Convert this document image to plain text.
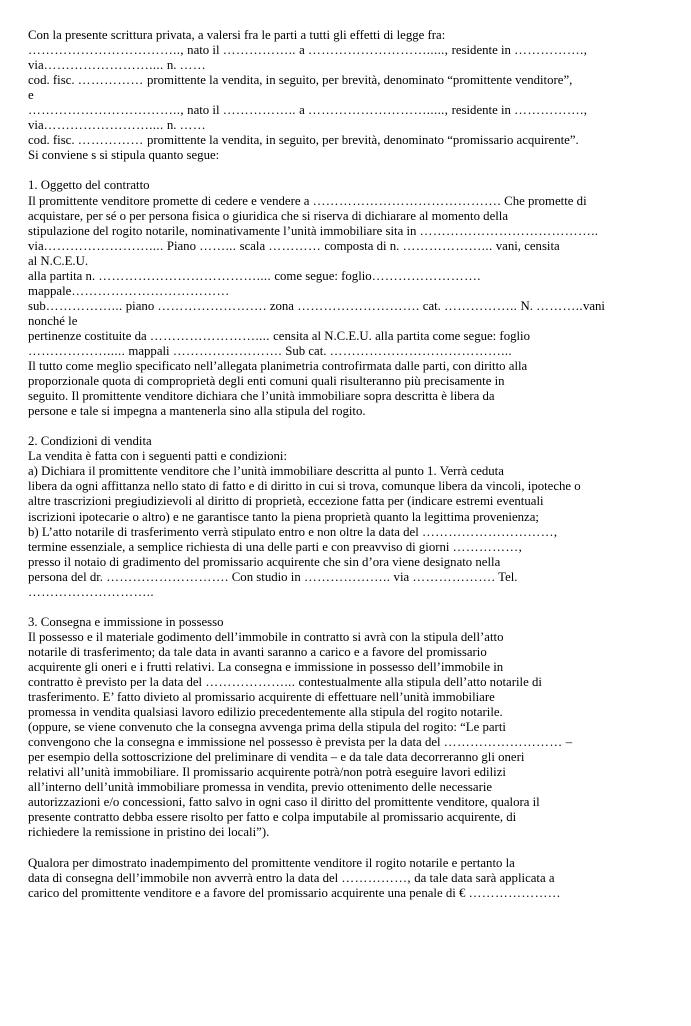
Con la presente scrittura privata, a valersi fra le parti a tutti gli effetti di legge fra:
…………………………….., nato il …………….. a ………………………....., residente in …………….,
via…………………….... n. ……
cod. fisc. …………… promittente la vendita, in seguito, per brevità, denominato “promittente venditore”,
e
…………………………….., nato il …………….. a ………………………....., residente in …………….,
via…………………….... n. ……
cod. fisc. …………… promittente la vendita, in seguito, per brevità, denominato “promissario acquirente”.
Si conviene s si stipula quanto segue:

1. Oggetto del contratto
Il promittente venditore promette di cedere e vendere a ……………………………………. Che promette di
acquistare, per sé o per persona fisica o giuridica che si riserva di dichiarare al momento della
stipulazione del rogito notarile, nominativamente l’unità immobiliare sita in …………………………………..
via…………………….... Piano ……... scala ………… composta di n. ………………... vani, censita
al N.C.E.U.
alla partita n. ……………………………….... come segue: foglio…………………….
mappale………………………………
sub……………... piano ……………………. zona ………………………. cat. …………….. N. ………..vani
nonché le
pertinenze costituite da …………………….... censita al N.C.E.U. alla partita come segue: foglio
………………..... mappali ……………………. Sub cat. …………………………………...
Il tutto come meglio specificato nell’allegata planimetria controfirmata dalle parti, con diritto alla
proporzionale quota di comproprietà degli enti comuni quali risulteranno più precisamente in
seguito. Il promittente venditore dichiara che l’unità immobiliare sopra descritta è libera da
persone e tale si impegna a mantenerla sino alla stipula del rogito.

2. Condizioni di vendita
La vendita è fatta con i seguenti patti e condizioni:
a) Dichiara il promittente venditore che l’unità immobiliare descritta al punto 1. Verrà ceduta
libera da ogni affittanza nello stato di fatto e di diritto in cui si trova, comunque libera da vincoli, ipoteche o
altre trascrizioni pregiudizievoli al diritto di proprietà, eccezione fatta per (indicare estremi eventuali
iscrizioni ipotecarie o altro) e ne garantisce tanto la piena proprietà quanto la legittima provenienza;
b) L’atto notarile di trasferimento verrà stipulato entro e non oltre la data del …………………………,
termine essenziale, a semplice richiesta di una delle parti e con preavviso di giorni ……………,
presso il notaio di gradimento del promissario acquirente che sin d’ora viene designato nella
persona del dr. ………………………. Con studio in ……………….. via ………………. Tel.
………………………..

3. Consegna e immissione in possesso
Il possesso e il materiale godimento dell’immobile in contratto si avrà con la stipula dell’atto
notarile di trasferimento; da tale data in avanti saranno a carico e a favore del promissario
acquirente gli oneri e i frutti relativi. La consegna e immissione in possesso dell’immobile in
contratto è previsto per la data del ………………... contestualmente alla stipula dell’atto notarile di
trasferimento. E’ fatto divieto al promissario acquirente di effettuare nell’unità immobiliare
promessa in vendita qualsiasi lavoro edilizio precedentemente alla stipula del rogito notarile.
(oppure, se viene convenuto che la consegna avvenga prima della stipula del rogito: “Le parti
convengono che la consegna e immissione nel possesso è prevista per la data del ……………………… –
per esempio della sottoscrizione del preliminare di vendita – e da tale data decorreranno gli oneri
relativi all’unità immobiliare. Il promissario acquirente potrà/non potrà eseguire lavori edilizi
all’interno dell’unità immobiliare promessa in vendita, previo ottenimento delle necessarie
autorizzazioni e/o concessioni, fatto salvo in ogni caso il diritto del promittente venditore, qualora il
presente contratto debba essere risolto per fatto e colpa imputabile al promissario acquirente, di
richiedere la remissione in pristino dei locali”).

Qualora per dimostrato inadempimento del promittente venditore il rogito notarile e pertanto la
data di consegna dell’immobile non avverrà entro la data del ……………, da tale data sarà applicata a
carico del promittente venditore e a favore del promissario acquirente una penale di € …………………
